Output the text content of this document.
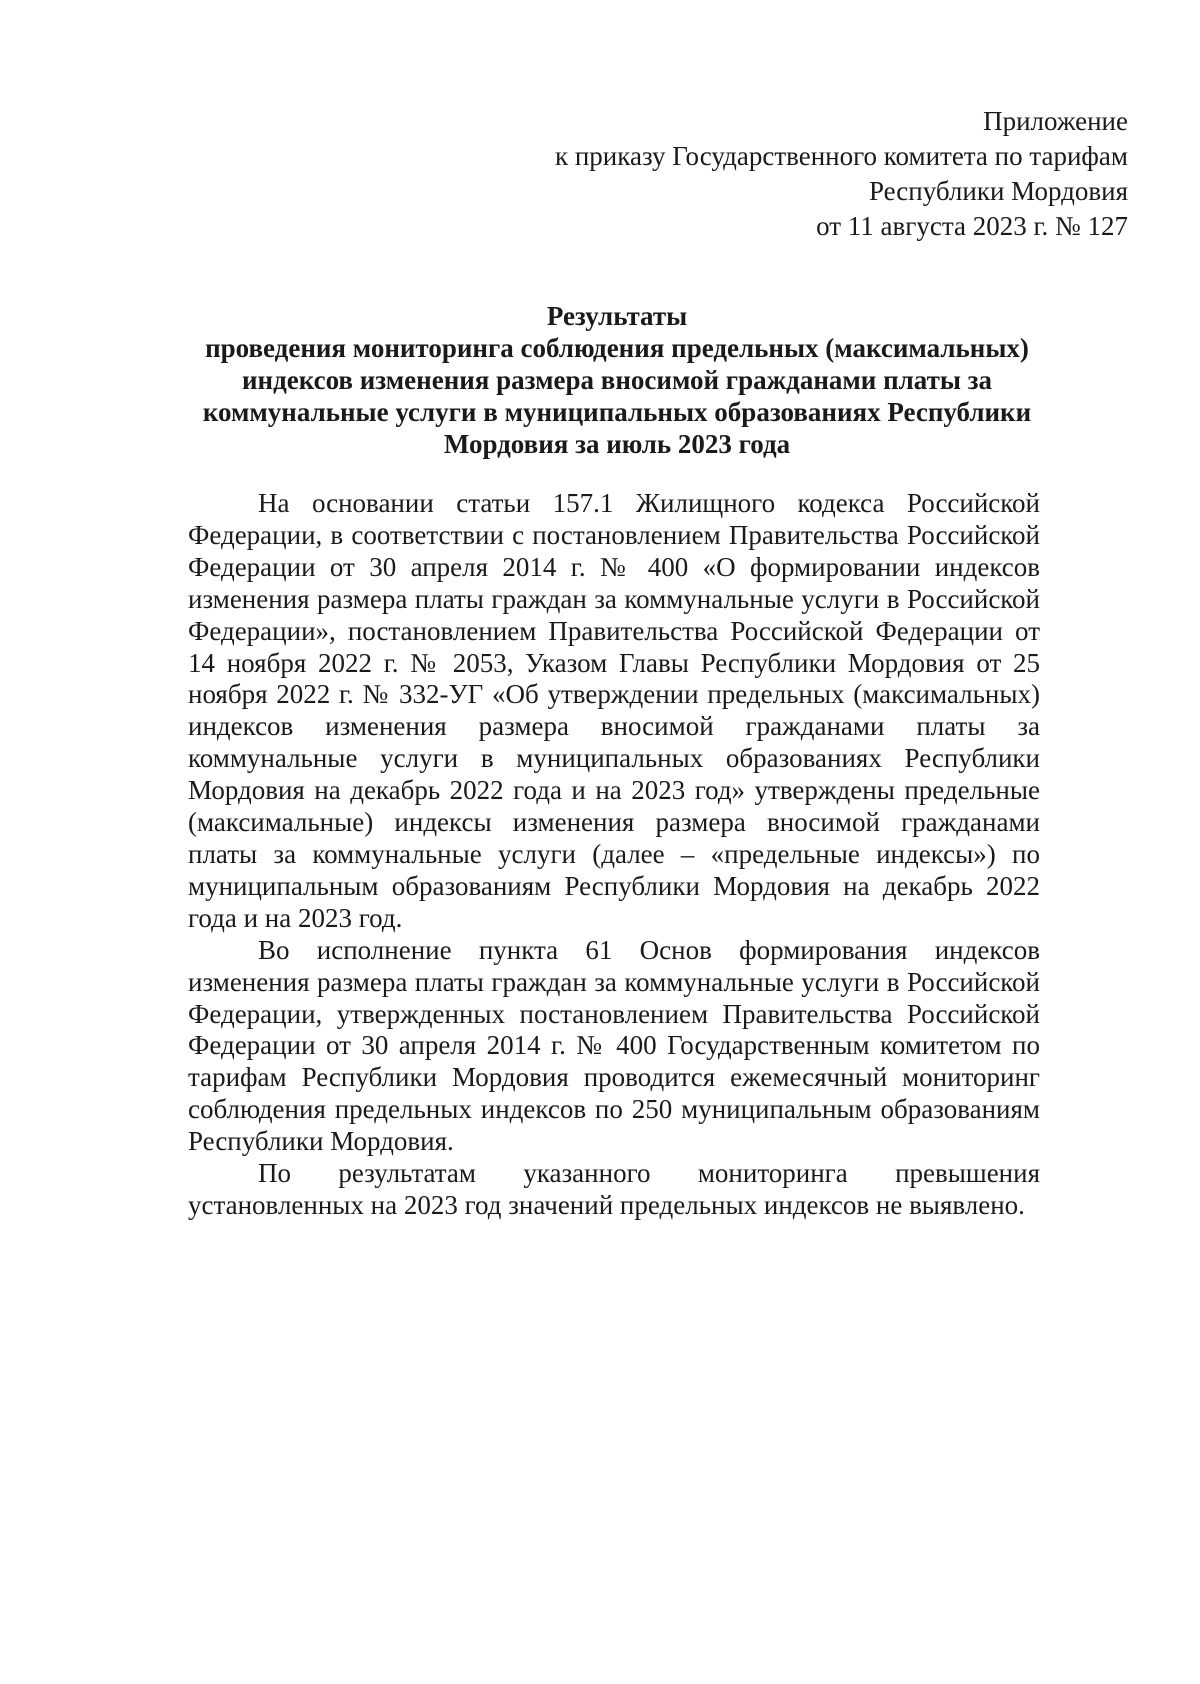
Приложение
к приказу Государственного комитета по тарифам
Республики Мордовия
от 11 августа 2023 г. № 127
Результаты
проведения мониторинга соблюдения предельных (максимальных) индексов изменения размера вносимой гражданами платы за коммунальные услуги в муниципальных образованиях Республики Мордовия за июль 2023 года

На основании статьи 157.1 Жилищного кодекса Российской Федерации, в соответствии с постановлением Правительства Российской Федерации от 30 апреля 2014 г. № 400 «О формировании индексов изменения размера платы граждан за коммунальные услуги в Российской Федерации», постановлением Правительства Российской Федерации от 14 ноября 2022 г. № 2053, Указом Главы Республики Мордовия от 25 ноября 2022 г. № 332-УГ «Об утверждении предельных (максимальных) индексов изменения размера вносимой гражданами платы за коммунальные услуги в муниципальных образованиях Республики Мордовия на декабрь 2022 года и на 2023 год» утверждены предельные (максимальные) индексы изменения размера вносимой гражданами платы за коммунальные услуги (далее – «предельные индексы») по муниципальным образованиям Республики Мордовия на декабрь 2022 года и на 2023 год.

Во исполнение пункта 61 Основ формирования индексов изменения размера платы граждан за коммунальные услуги в Российской Федерации, утвержденных постановлением Правительства Российской Федерации от 30 апреля 2014 г. № 400 Государственным комитетом по тарифам Республики Мордовия проводится ежемесячный мониторинг соблюдения предельных индексов по 250 муниципальным образованиям Республики Мордовия.

По результатам указанного мониторинга превышения установленных на 2023 год значений предельных индексов не выявлено.
